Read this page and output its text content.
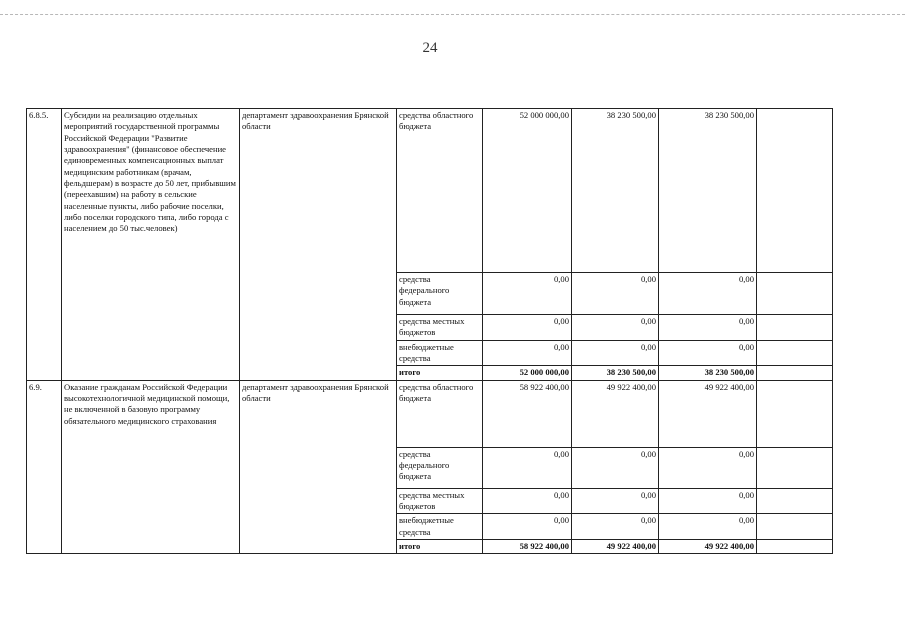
24
6.8.5.	Субсидии на реализацию отдельных мероприятий государственной программы Российской Федерации "Развитие здравоохранения" (финансовое обеспечение единовременных компенсационных выплат медицинским работникам (врачам, фельдшерам) в возрасте до 50 лет, прибывшим (переехавшим) на работу в сельские населенные пункты, либо рабочие поселки, либо поселки городского типа, либо города с населением до 50 тыс.человек)	департамент здравоохранения Брянской области	средства областного бюджета	52 000 000,00	38 230 500,00	38 230 500,00	
			средства федерального бюджета	0,00	0,00	0,00	
			средства местных бюджетов	0,00	0,00	0,00	
			внебюджетные средства	0,00	0,00	0,00	
			итого	52 000 000,00	38 230 500,00	38 230 500,00	
6.9.	Оказание гражданам Российской Федерации высокотехнологичной медицинской помощи, не включенной в базовую программу обязательного медицинского страхования	департамент здравоохранения Брянской области	средства областного бюджета	58 922 400,00	49 922 400,00	49 922 400,00	
			средства федерального бюджета	0,00	0,00	0,00	
			средства местных бюджетов	0,00	0,00	0,00	
			внебюджетные средства	0,00	0,00	0,00	
			итого	58 922 400,00	49 922 400,00	49 922 400,00	
